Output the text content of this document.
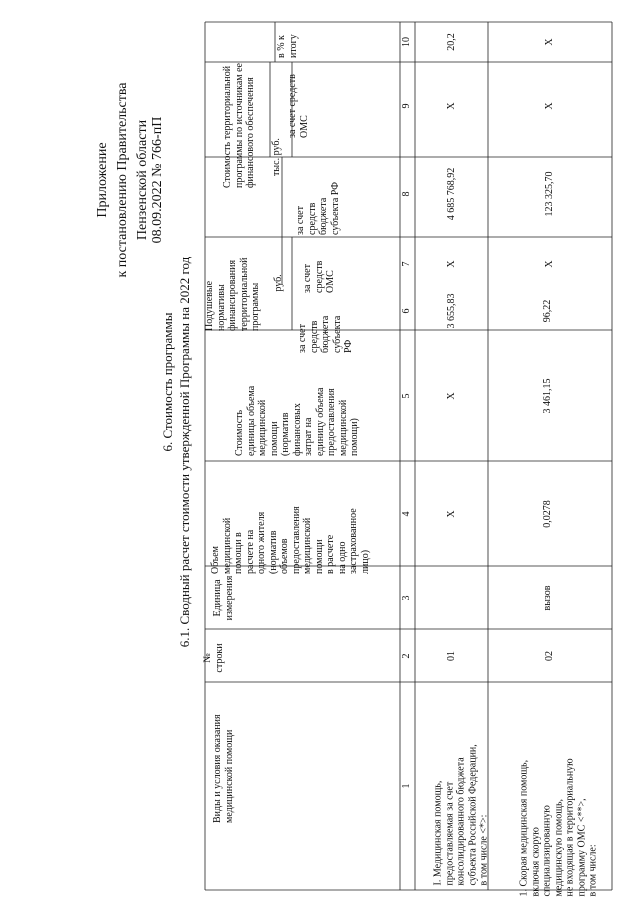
Приложение к постановлению Правительства Пензенской области 08.09.2022 № 766-пП
6. Стоимость программы 6.1. Сводный расчет стоимости утвержденной Программы на 2022 год
Виды и условия оказания
медицинской помощи
№
строки
Единица
измерения
Объем
медицинской
помощи в
расчете на
одного жителя
(норматив
объемов
предоставления
медицинской
помощи
в расчете
на одно
застрахованное
лицо)
Стоимость
единицы объема
медицинской
помощи
(норматив
финансовых
затрат на
единицу объема
предоставления
медицинской
помощи)
Подушевые
нормативы
финансирования
территориальной
программы	руб.
за счет
средств
бюджета
субъекта
РФ
за счет
средств
ОМС
Стоимость территориальной
программы по источникам ее
финансового обеспечения тыс. руб.
за счет
средств
бюджета
субъекта РФ
за счет средств
ОМС
в % к
итогу
1
2
3
4
5
6
7
8
9
10
I. Медицинская помощь,
предоставляемая за счет
консолидированного бюджета
субъекта Российской Федерации,
в том числе <*>:
01
X
X
3 655,83
X
4 685 768,92
X
20,2
1. Скорая медицинская помощь,
включая скорую
специализированную
медицинскую помощь,
не входящая в территориальную
программу ОМС <**>,
в том числе:
02
вызов
0,0278
3 461,15
96,22
X
123 325,70
X
X
